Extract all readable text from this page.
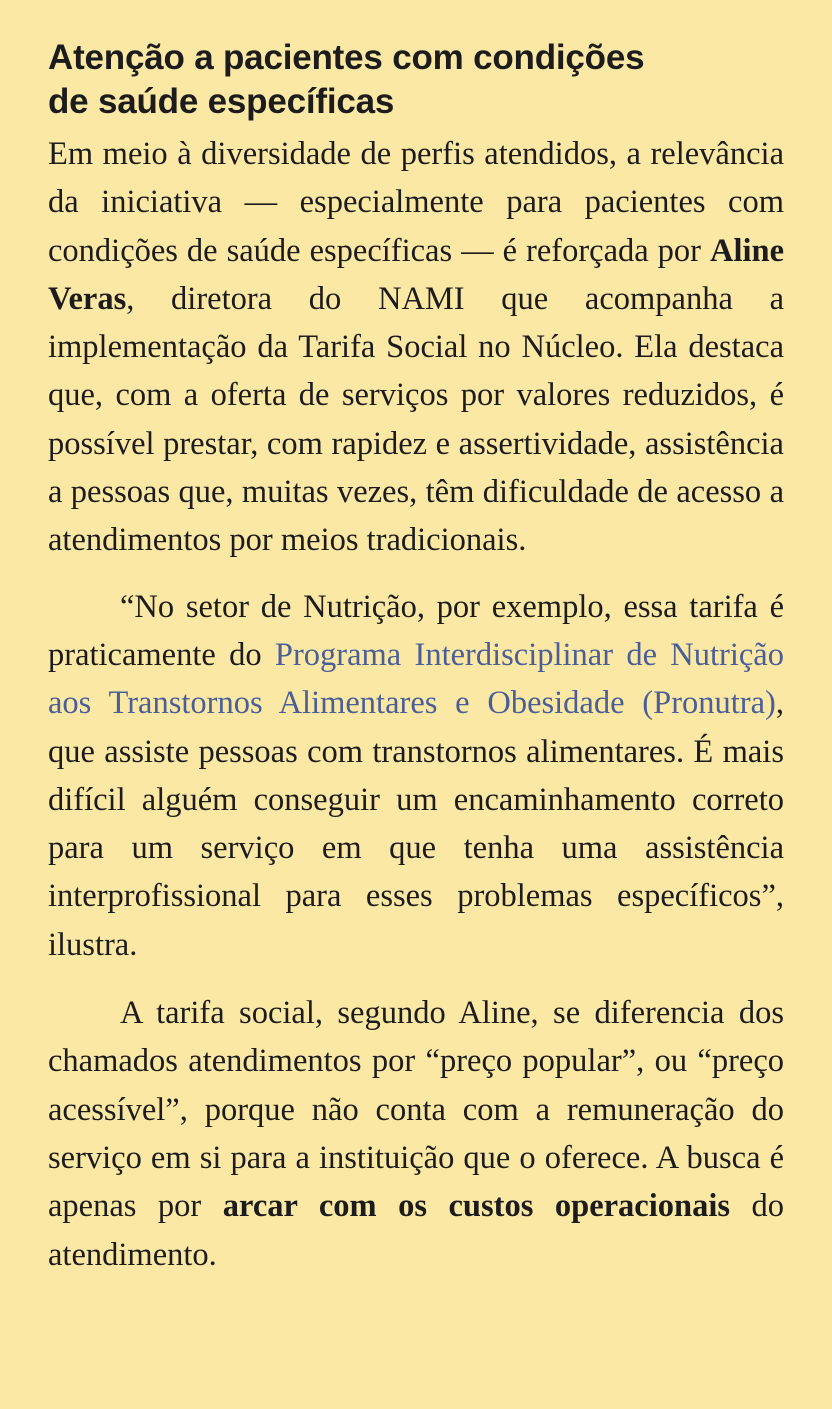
Atenção a pacientes com condições de saúde específicas

Em meio à diversidade de perfis atendidos, a relevância da iniciativa — especialmente para pacientes com condições de saúde específicas — é reforçada por Aline Veras, diretora do NAMI que acompanha a implementação da Tarifa Social no Núcleo. Ela destaca que, com a oferta de serviços por valores reduzidos, é possível prestar, com rapidez e assertividade, assistência a pessoas que, muitas vezes, têm dificuldade de acesso a atendimentos por meios tradicionais.

“No setor de Nutrição, por exemplo, essa tarifa é praticamente do Programa Interdisciplinar de Nutrição aos Transtornos Alimentares e Obesidade (Pronutra), que assiste pessoas com transtornos alimentares. É mais difícil alguém conseguir um encaminhamento correto para um serviço em que tenha uma assistência interprofissional para esses problemas específicos”, ilustra.

A tarifa social, segundo Aline, se diferencia dos chamados atendimentos por “preço popular”, ou “preço acessível”, porque não conta com a remuneração do serviço em si para a instituição que o oferece. A busca é apenas por arcar com os custos operacionais do atendimento.
